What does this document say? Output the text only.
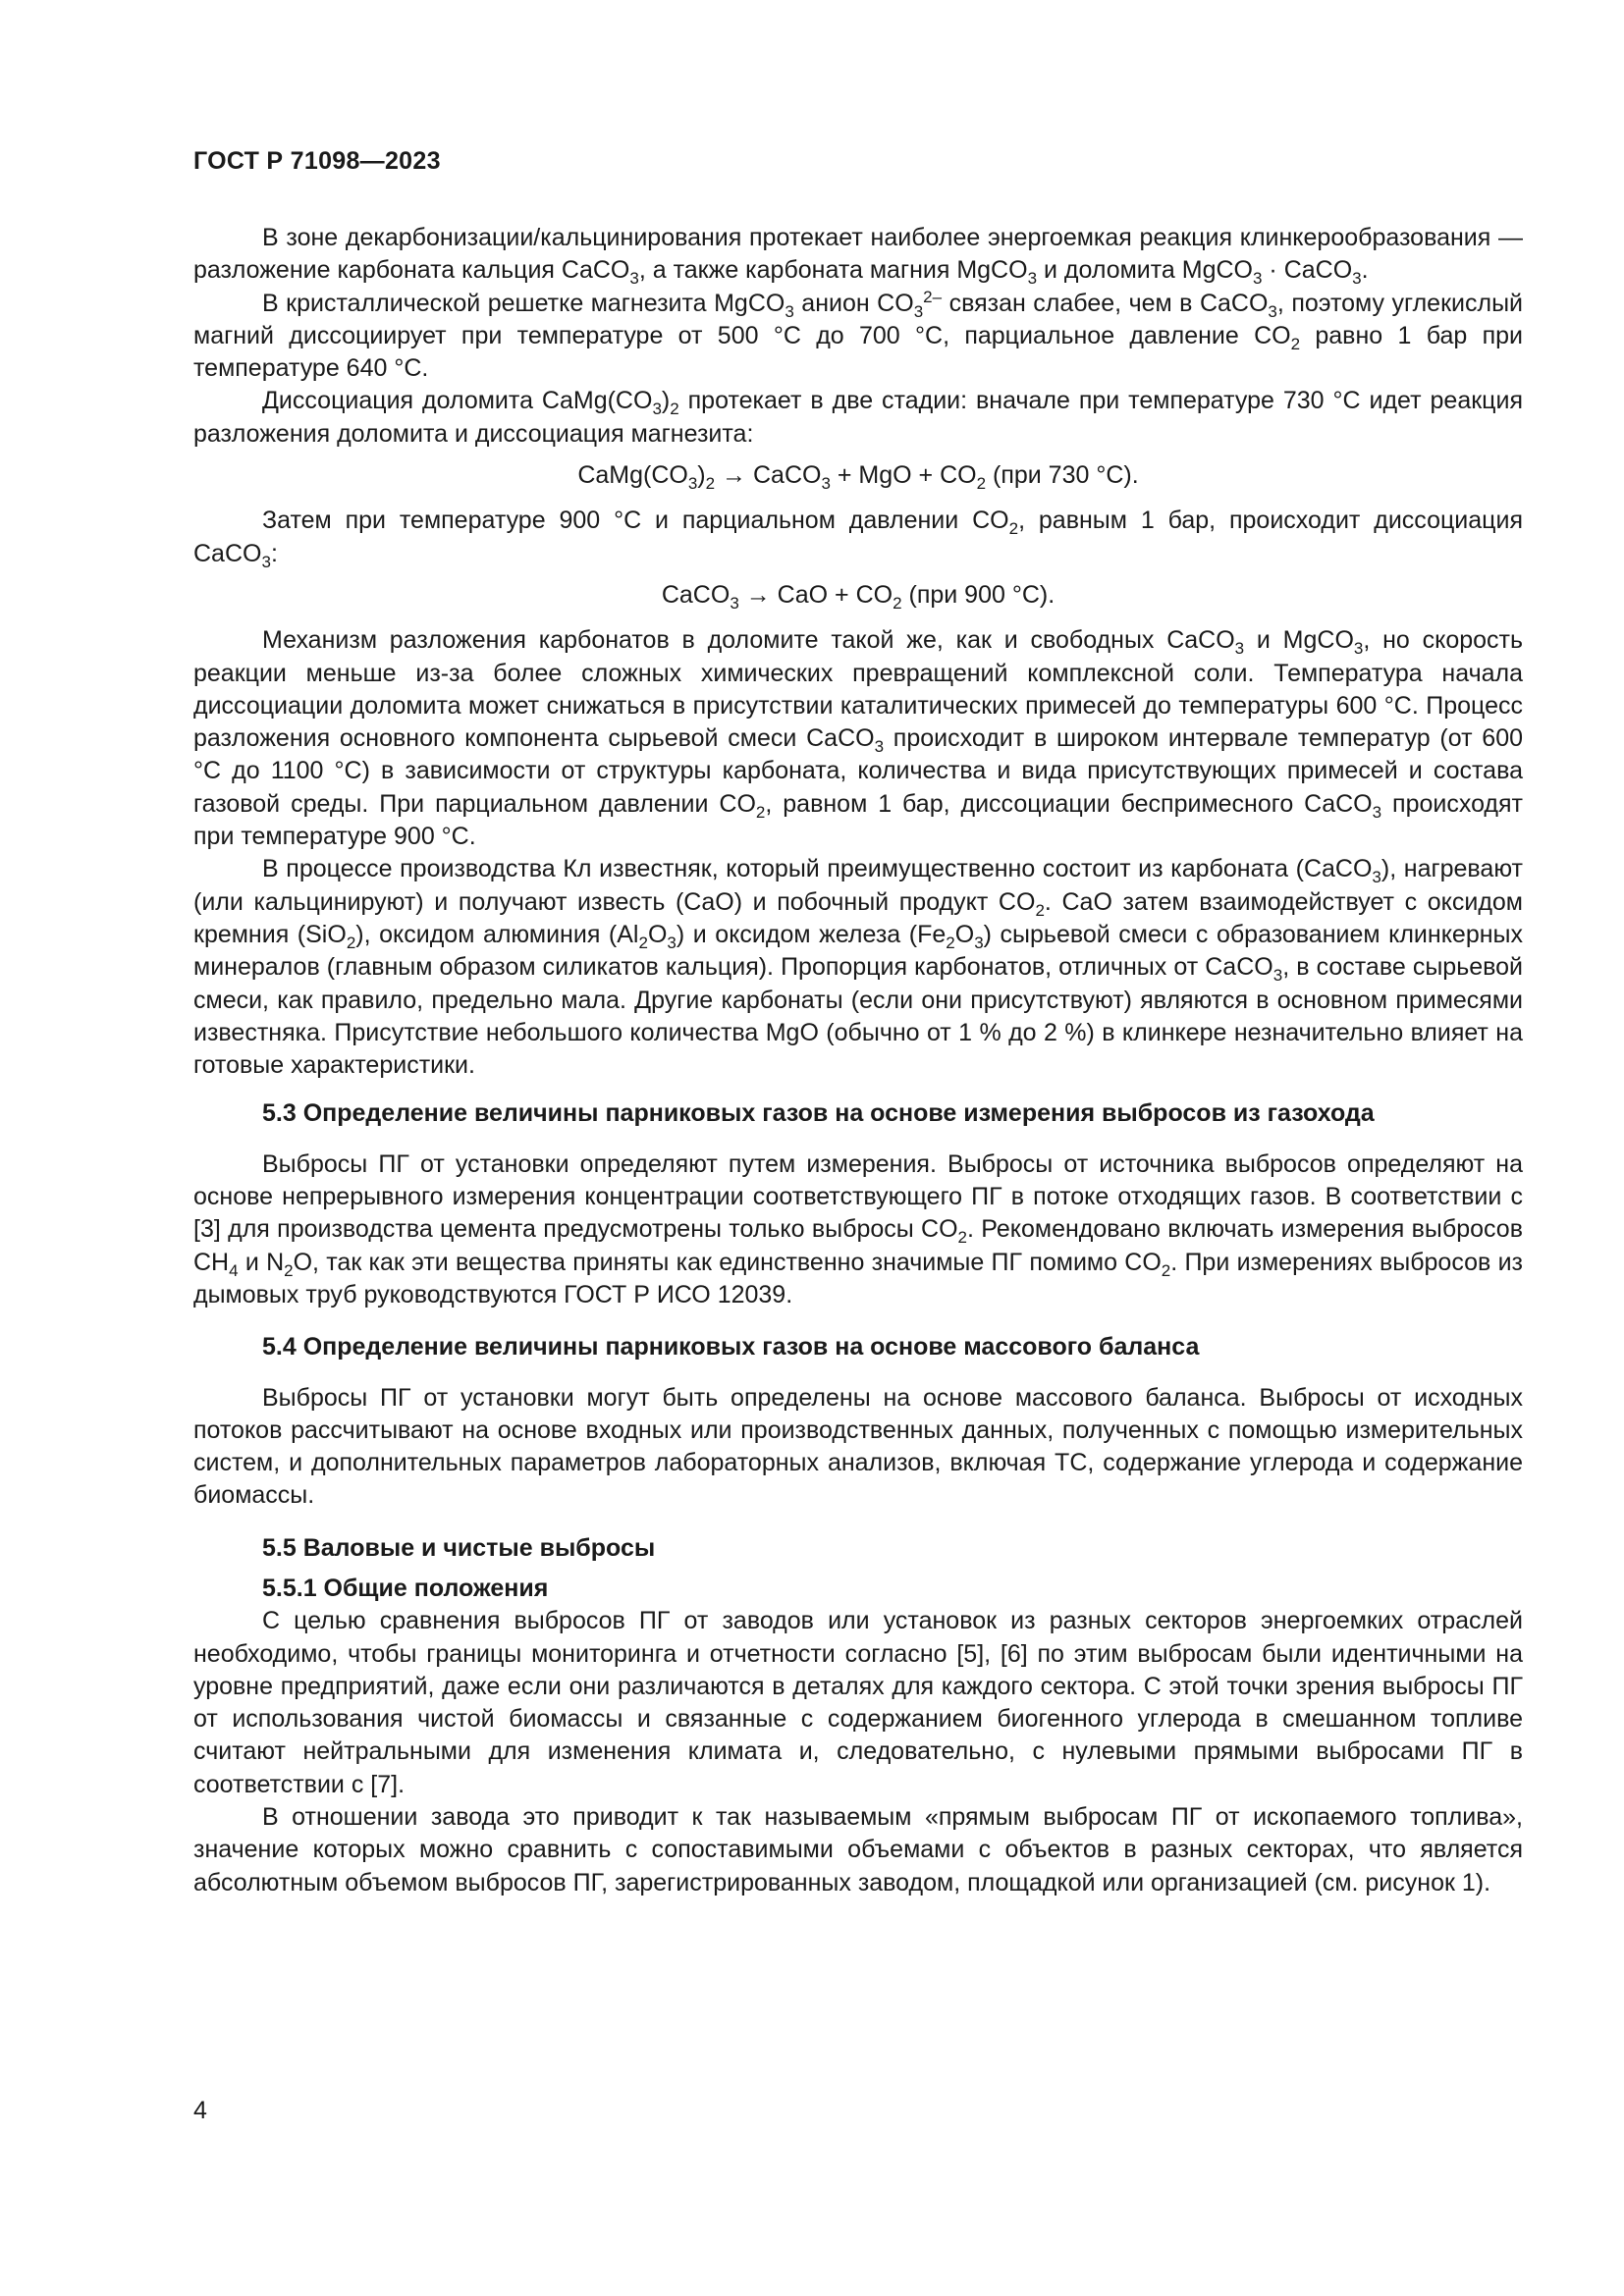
ГОСТ Р 71098—2023

В зоне декарбонизации/кальцинирования протекает наиболее энергоемкая реакция клинкерообразования — разложение карбоната кальция CaCO$_3$, а также карбоната магния MgCO$_3$ и доломита MgCO$_3$ · CaCO$_3$.

В кристаллической решетке магнезита MgCO$_3$ анион $CO_3^{2-}$ связан слабее, чем в CaCO$_3$, поэтому углекислый магний диссоциирует при температуре от 500 °С до 700 °С, парциальное давление $CO_2$ равно 1 бар при температуре 640 °С.

Диссоциация доломита $CaMg(CO_3)_2$ протекает в две стадии: вначале при температуре 730 °С идет реакция разложения доломита и диссоциация магнезита:

$CaMg(CO_3)_2$ → CaCO$_3$ + MgO + $CO_2$ (при 730 °С).

Затем при температуре 900 °С и парциальном давлении $CO_2$, равным 1 бар, происходит диссоциация CaCO$_3$:

CaCO$_3$ → CaO + $CO_2$ (при 900 °С).

Механизм разложения карбонатов в доломите такой же, как и свободных CaCO$_3$ и MgCO$_3$, но скорость реакции меньше из-за более сложных химических превращений комплексной соли. Температура начала диссоциации доломита может снижаться в присутствии каталитических примесей до температуры 600 °С. Процесс разложения основного компонента сырьевой смеси CaCO$_3$ происходит в широком интервале температур (от 600 °С до 1100 °С) в зависимости от структуры карбоната, количества и вида присутствующих примесей и состава газовой среды. При парциальном давлении $CO_2$, равном 1 бар, диссоциации беспримесного CaCO$_3$ происходят при температуре 900 °С.

В процессе производства Кл известняк, который преимущественно состоит из карбоната (CaCO$_3$), нагревают (или кальцинируют) и получают известь (CaO) и побочный продукт $CO_2$. CaO затем взаимодействует с оксидом кремния (SiO$_2$), оксидом алюминия $(Al_2O_3)$ и оксидом железа $(Fe_2O_3)$ сырьевой смеси с образованием клинкерных минералов (главным образом силикатов кальция). Пропорция карбонатов, отличных от CaCO$_3$, в составе сырьевой смеси, как правило, предельно мала. Другие карбонаты (если они присутствуют) являются в основном примесями известняка. Присутствие небольшого количества MgO (обычно от 1 % до 2 %) в клинкере незначительно влияет на готовые характеристики.

5.3 Определение величины парниковых газов на основе измерения выбросов из газохода

Выбросы ПГ от установки определяют путем измерения. Выбросы от источника выбросов определяют на основе непрерывного измерения концентрации соответствующего ПГ в потоке отходящих газов. В соответствии с [3] для производства цемента предусмотрены только выбросы $CO_2$. Рекомендовано включать измерения выбросов $CH_4$ и $N_2O$, так как эти вещества приняты как единственно значимые ПГ помимо $CO_2$. При измерениях выбросов из дымовых труб руководствуются ГОСТ Р ИСО 12039.

5.4 Определение величины парниковых газов на основе массового баланса

Выбросы ПГ от установки могут быть определены на основе массового баланса. Выбросы от исходных потоков рассчитывают на основе входных или производственных данных, полученных с помощью измерительных систем, и дополнительных параметров лабораторных анализов, включая ТС, содержание углерода и содержание биомассы.

5.5 Валовые и чистые выбросы
5.5.1 Общие положения

С целью сравнения выбросов ПГ от заводов или установок из разных секторов энергоемких отраслей необходимо, чтобы границы мониторинга и отчетности согласно [5], [6] по этим выбросам были идентичными на уровне предприятий, даже если они различаются в деталях для каждого сектора. С этой точки зрения выбросы ПГ от использования чистой биомассы и связанные с содержанием биогенного углерода в смешанном топливе считают нейтральными для изменения климата и, следовательно, с нулевыми прямыми выбросами ПГ в соответствии с [7].

В отношении завода это приводит к так называемым «прямым выбросам ПГ от ископаемого топлива», значение которых можно сравнить с сопоставимыми объемами с объектов в разных секторах, что является абсолютным объемом выбросов ПГ, зарегистрированных заводом, площадкой или организацией (см. рисунок 1).

4
